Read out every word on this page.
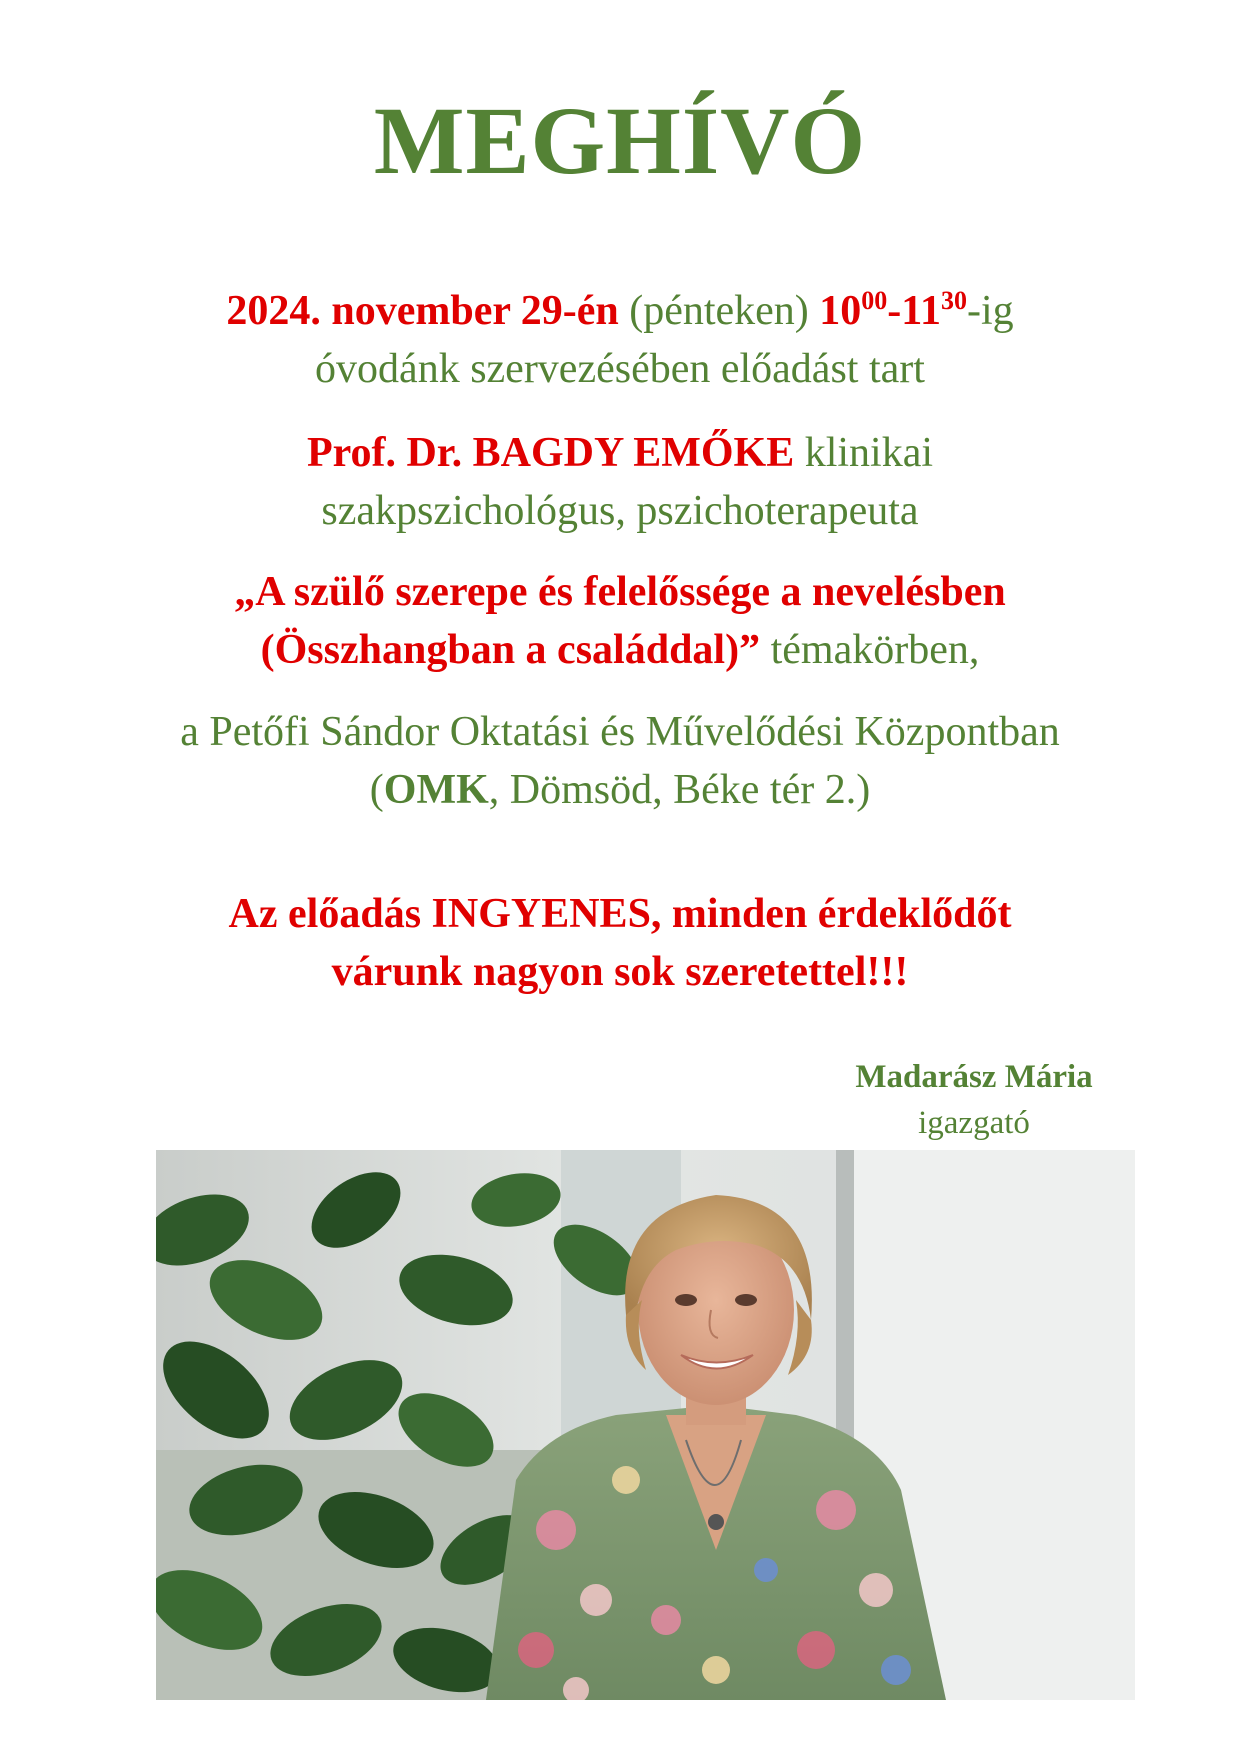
MEGHÍVÓ

2024. november 29-én (pénteken) $10^{00}-11^{30}-ig$
óvodánk szervezésében előadást tart

Prof. Dr. BAGDY EMŐKE klinikai
szakpszichológus, pszichoterapeuta

„A szülő szerepe és felelőssége a nevelésben
(Összhangban a családdal)” témakörben,

a Petőfi Sándor Oktatási és Művelődési Központban
(OMK, Dömsöd, Béke tér 2.)

Az előadás INGYENES, minden érdeklődőt
várunk nagyon sok szeretettel!!!

Madarász Mária
igazgató
